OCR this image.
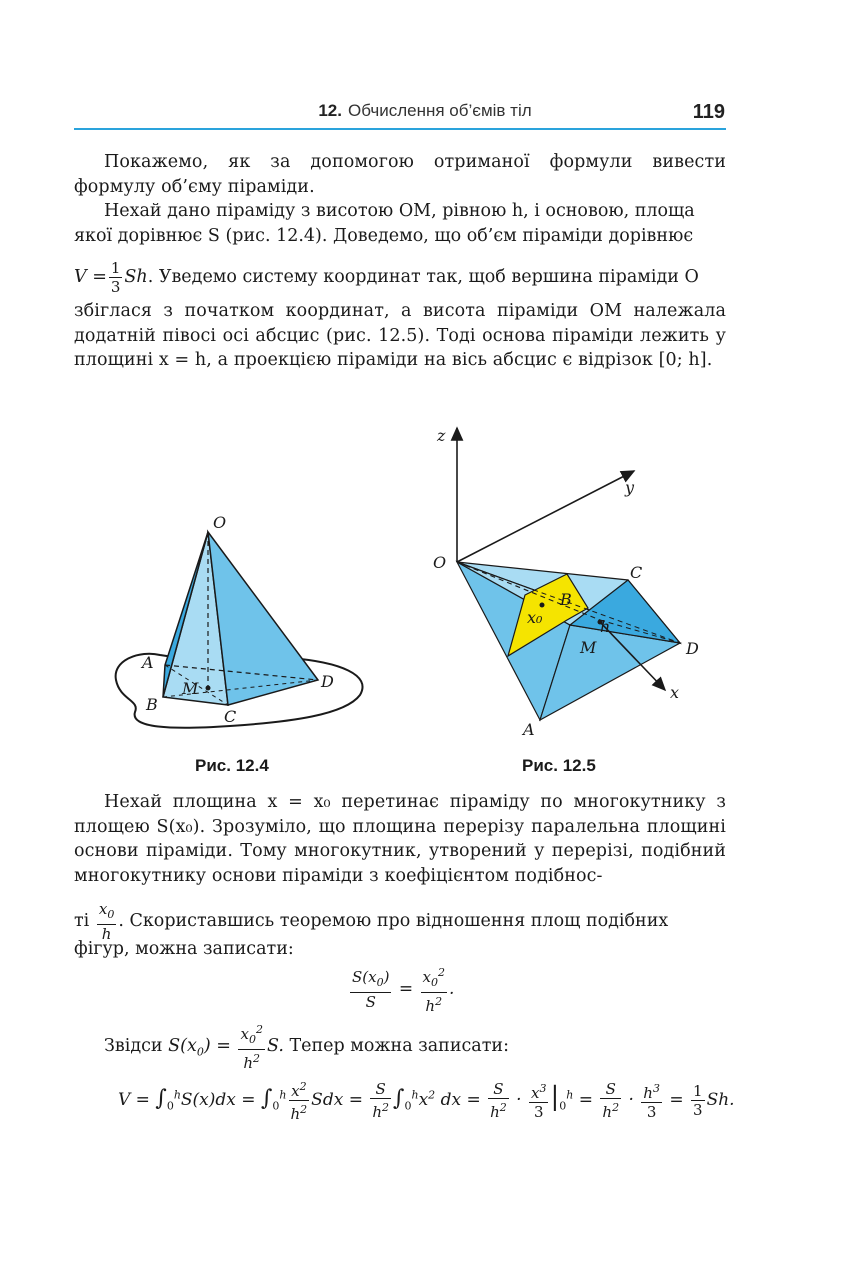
12. Обчислення об’ємів тіл	119
Покажемо, як за допомогою отриманої формули вивести формулу об’єму піраміди.
Нехай дано піраміду з висотою OM, рівною h, і основою, площа
якої дорівнює S (рис. 12.4). Доведемо, що об’єм піраміди дорівнює
$V = \frac{1}{3} Sh$. Уведемо систему координат так, щоб вершина піраміди O
збіглася з початком координат, а висота піраміди OM належала додатній півосі осі абсцис (рис. 12.5). Тоді основа піраміди лежить у площині x = h, а проекцією піраміди на вісь абсцис є відрізок [0; h].
O
A
B
C
D
M
z
y
x
O
C
D
A
B
h
M
x₀
Рис. 12.4	Рис. 12.5
Нехай площина x = x₀ перетинає піраміду по многокутнику з площею S(x₀). Зрозуміло, що площина перерізу паралельна площині основи піраміди. Тому многокутник, утворений у перерізі, подібний многокутнику основи піраміди з коефіцієнтом подібнос-
ті $\frac{x_0}{h}$ . Скориставшись теоремою про відношення площ подібних
фігур, можна записати:
$\frac{S(x_0)}{S} = \frac{x_0^2}{h^2}$ .
Звідси $S(x_0) = \frac{x_0^2}{h^2} S$. Тепер можна записати:
$V = \int_0^hS(x)dx = \int_0^h \frac{x^2}{h^2}$ Sdx = $\frac{S}{h^2} \int_0^hx^2$ dx = $\frac{S}{h^2} \cdot \frac{x^3}{3} |_0^h = \frac{S}{h^2} \cdot \frac{h^3}{3} = \frac{1}{3} Sh$.
